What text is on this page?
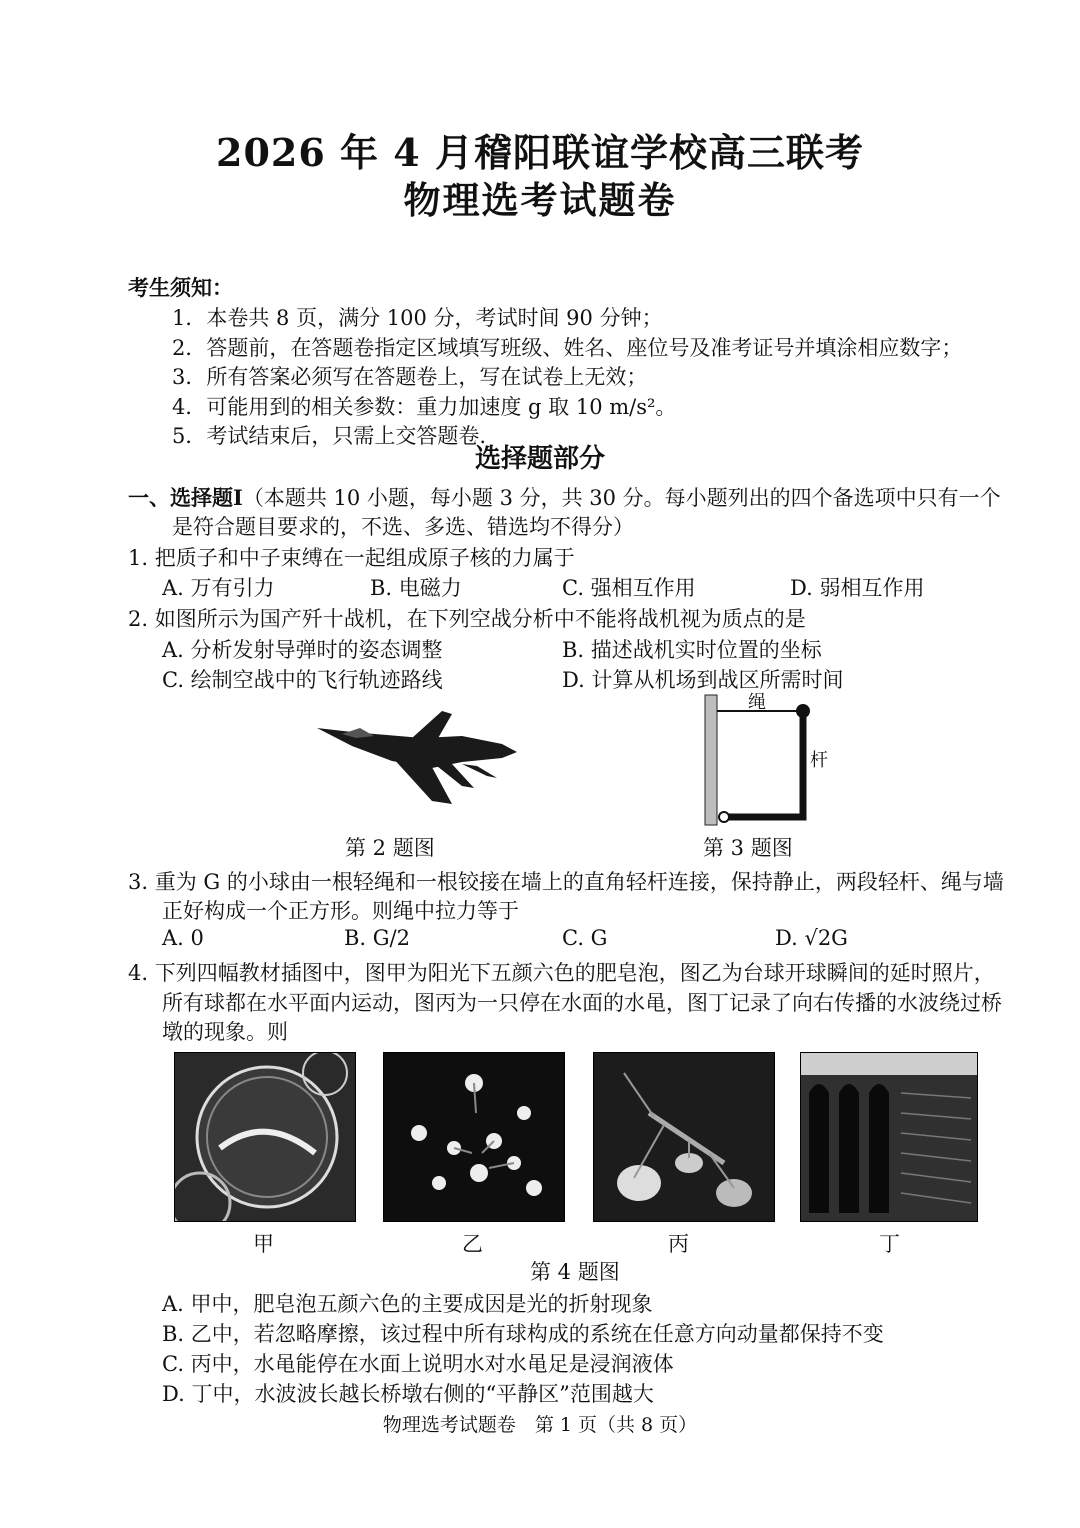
2026 年 4 月稽阳联谊学校高三联考
物理选考试题卷
考生须知：
1．本卷共 8 页，满分 100 分，考试时间 90 分钟；
2．答题前，在答题卷指定区域填写班级、姓名、座位号及准考证号并填涂相应数字；
3．所有答案必须写在答题卷上，写在试卷上无效；
4．可能用到的相关参数：重力加速度 g 取 10 m/s²。
5．考试结束后，只需上交答题卷.
选择题部分
一、选择题Ⅰ（本题共 10 小题，每小题 3 分，共 30 分。每小题列出的四个备选项中只有一个
是符合题目要求的，不选、多选、错选均不得分）
1. 把质子和中子束缚在一起组成原子核的力属于
A. 万有引力	B. 电磁力	C. 强相互作用	D. 弱相互作用
2. 如图所示为国产歼十战机，在下列空战分析中不能将战机视为质点的是
A. 分析发射导弹时的姿态调整	B. 描述战机实时位置的坐标
C. 绘制空战中的飞行轨迹路线	D. 计算从机场到战区所需时间
第 2 题图
绳
杆
第 3 题图
3. 重为 G 的小球由一根轻绳和一根铰接在墙上的直角轻杆连接，保持静止，两段轻杆、绳与墙
正好构成一个正方形。则绳中拉力等于
A. 0	B. G/2	C. G	D. √2G
4. 下列四幅教材插图中，图甲为阳光下五颜六色的肥皂泡，图乙为台球开球瞬间的延时照片，
所有球都在水平面内运动，图丙为一只停在水面的水黾，图丁记录了向右传播的水波绕过桥
墩的现象。则
甲	乙	丙	丁
第 4 题图
A. 甲中，肥皂泡五颜六色的主要成因是光的折射现象
B. 乙中，若忽略摩擦，该过程中所有球构成的系统在任意方向动量都保持不变
C. 丙中，水黾能停在水面上说明水对水黾足是浸润液体
D. 丁中，水波波长越长桥墩右侧的“平静区”范围越大
物理选考试题卷　第 1 页（共 8 页）
